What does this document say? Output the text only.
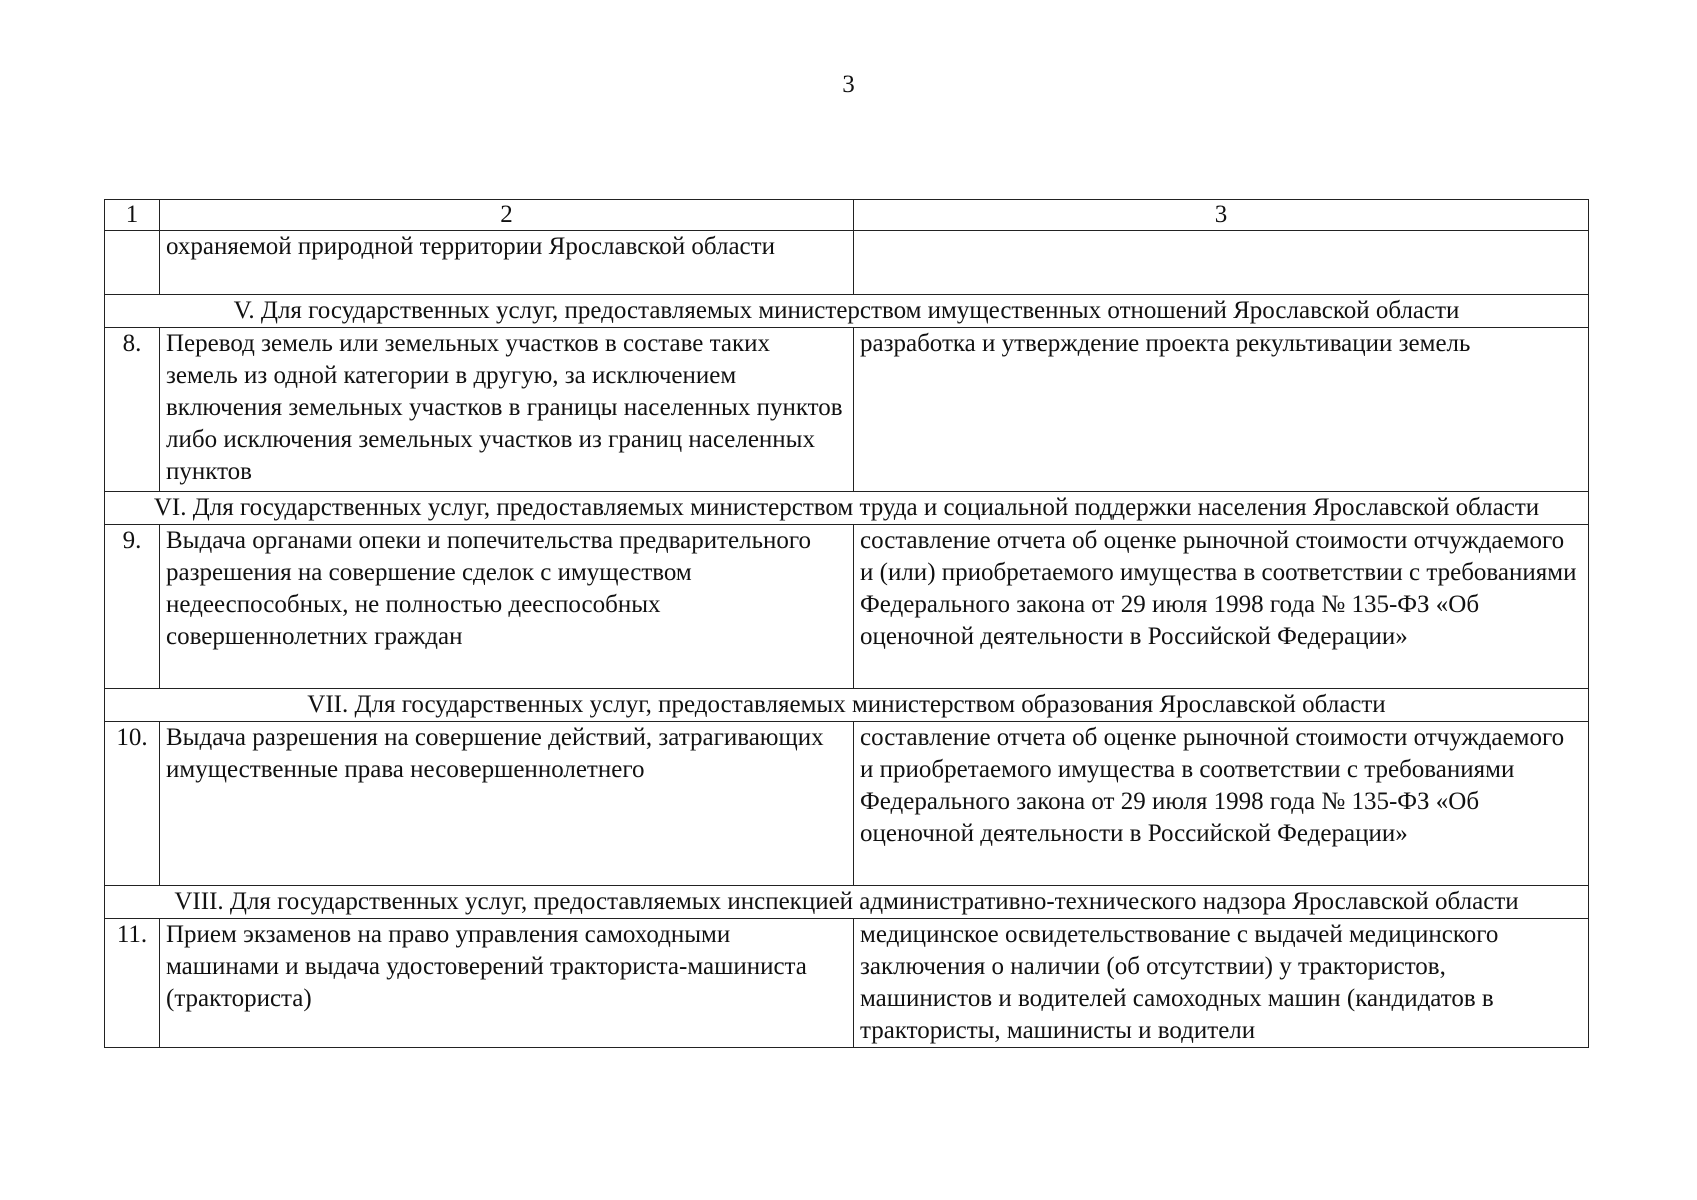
3
1	2	3
	охраняемой природной территории Ярославской области	
V. Для государственных услуг, предоставляемых министерством имущественных отношений Ярославской области		
8.	Перевод земель или земельных участков в составе таких земель из одной категории в другую, за исключением включения земельных участков в границы населенных пунктов либо исключения земельных участков из границ населенных пунктов	разработка и утверждение проекта рекультивации земель
VI. Для государственных услуг, предоставляемых министерством труда и социальной поддержки населения Ярославской области		
9.	Выдача органами опеки и попечительства предварительного разрешения на совершение сделок с имуществом недееспособных, не полностью дееспособных совершеннолетних граждан	составление отчета об оценке рыночной стоимости отчуждаемого и (или) приобретаемого имущества в соответствии с требованиями Федерального закона от 29 июля 1998 года № 135-ФЗ «Об оценочной деятельности в Российской Федерации»
VII. Для государственных услуг, предоставляемых министерством образования Ярославской области		
10.	Выдача разрешения на совершение действий, затрагивающих имущественные права несовершеннолетнего	составление отчета об оценке рыночной стоимости отчуждаемого и приобретаемого имущества в соответствии с требованиями Федерального закона от 29 июля 1998 года № 135-ФЗ «Об оценочной деятельности в Российской Федерации»
VIII. Для государственных услуг, предоставляемых инспекцией административно-технического надзора Ярославской области		
11.	Прием экзаменов на право управления самоходными машинами и выдача удостоверений тракториста-машиниста (тракториста)	медицинское освидетельствование с выдачей медицинского заключения о наличии (об отсутствии) у трактористов, машинистов и водителей самоходных машин (кандидатов в трактористы, машинисты и водители
